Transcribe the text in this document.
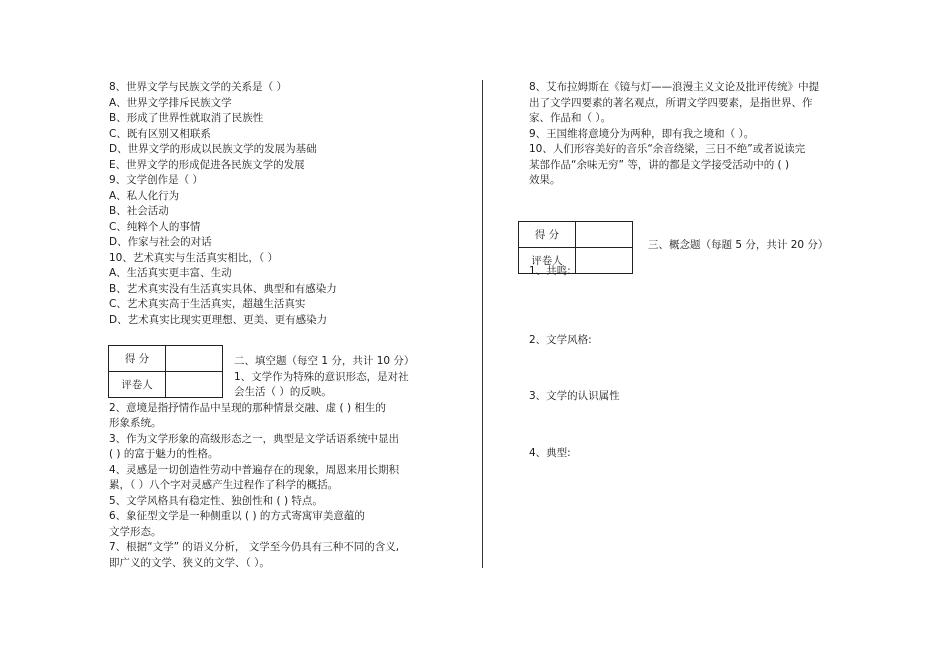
8、世界文学与民族文学的关系是（ ）
A、世界文学排斥民族文学
B、形成了世界性就取消了民族性
C、既有区别又相联系
D、世界文学的形成以民族文学的发展为基础
E、世界文学的形成促进各民族文学的发展
9、文学创作是（ ）
A、私人化行为
B、社会活动
C、纯粹个人的事情
D、作家与社会的对话
10、艺术真实与生活真实相比，（ ）
A、生活真实更丰富、生动
B、艺术真实没有生活真实具体、典型和有感染力
C、艺术真实高于生活真实，超越生活真实
D、艺术真实比现实更理想、更美、更有感染力
得 分	
评卷人	
二、填空题（每空 1 分，共计 10 分）
1、文学作为特殊的意识形态，是对社
会生活（ ）的反映。
2、意境是指抒情作品中呈现的那种情景交融、虚 ( ) 相生的
形象系统。
3、作为文学形象的高级形态之一，典型是文学话语系统中显出
( ) 的富于魅力的性格。
4、灵感是一切创造性劳动中普遍存在的现象，周恩来用长期积
累，（ ）八个字对灵感产生过程作了科学的概括。
5、文学风格具有稳定性、独创性和 ( ) 特点。
6、象征型文学是一种侧重以 ( ) 的方式寄寓审美意蕴的
文学形态。
7、根据“文学” 的语义分析， 文学至今仍具有三种不同的含义,
即广义的文学、狭义的文学、（ ）。
8、艾布拉姆斯在《镜与灯——浪漫主义文论及批评传统》中提
出了文学四要素的著名观点，所谓文学四要素，是指世界、作
家、作品和（ ）。
9、王国维将意境分为两种，即有我之境和（ ）。
10、人们形容美好的音乐“余音绕梁，三日不绝”或者说读完
某部作品“余味无穷” 等，讲的都是文学接受活动中的 ( )
效果。
得 分	
评卷人	
三、概念题（每题 5 分，共计 20 分）
1、共鸣:
2、文学风格:
3、文学的认识属性
4、典型:
